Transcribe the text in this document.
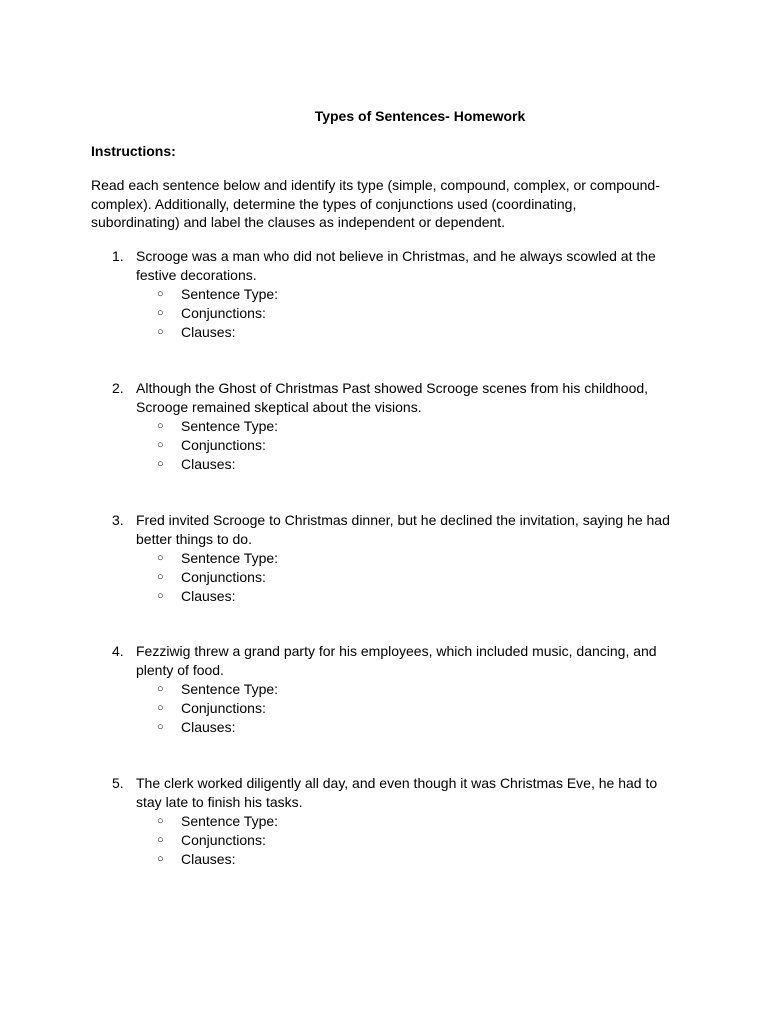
Types of Sentences- Homework
Instructions:
Read each sentence below and identify its type (simple, compound, complex, or compound-complex). Additionally, determine the types of conjunctions used (coordinating, subordinating) and label the clauses as independent or dependent.
1. Scrooge was a man who did not believe in Christmas, and he always scowled at the festive decorations.
○ Sentence Type:
○ Conjunctions:
○ Clauses:
2. Although the Ghost of Christmas Past showed Scrooge scenes from his childhood, Scrooge remained skeptical about the visions.
○ Sentence Type:
○ Conjunctions:
○ Clauses:
3. Fred invited Scrooge to Christmas dinner, but he declined the invitation, saying he had better things to do.
○ Sentence Type:
○ Conjunctions:
○ Clauses:
4. Fezziwig threw a grand party for his employees, which included music, dancing, and plenty of food.
○ Sentence Type:
○ Conjunctions:
○ Clauses:
5. The clerk worked diligently all day, and even though it was Christmas Eve, he had to stay late to finish his tasks.
○ Sentence Type:
○ Conjunctions:
○ Clauses:
